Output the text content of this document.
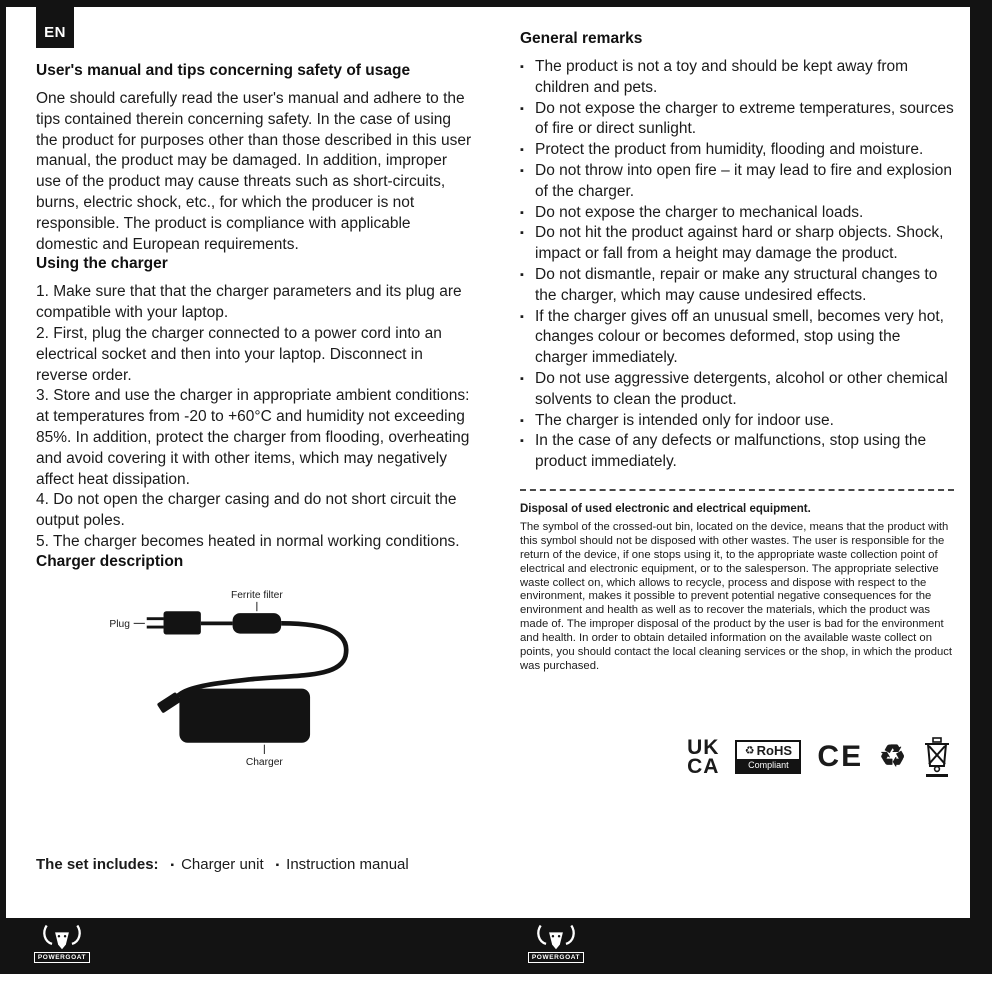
EN
User's manual and tips concerning safety of usage

One should carefully read the user's manual and adhere to the tips contained therein concerning safety. In the case of using the product for purposes other than those described in this user manual, the product may be damaged. In addition, improper use of the product may cause threats such as short-circuits, burns, electric shock, etc., for which the producer is not responsible. The product is compliance with applicable domestic and European requirements.

Using the charger

1. Make sure that that the charger parameters and its plug are compatible with your laptop.

2. First, plug the charger connected to a power cord into an electrical socket and then into your laptop. Disconnect in reverse order.

3. Store and use the charger in appropriate ambient conditions: at temperatures from -20 to +60°C and humidity not exceeding 85%. In addition, protect the charger from flooding, overheating and avoid covering it with other items, which may negatively affect heat dissipation.

4. Do not open the charger casing and do not short circuit the output poles.

5. The charger becomes heated in normal working conditions.

Charger description
Ferrite filter
Plug
Charger
The set includes: ▪ Charger unit ▪ Instruction manual
General remarks
▪ The product is not a toy and should be kept away from children and pets.
▪ Do not expose the charger to extreme temperatures, sources of fire or direct sunlight.
▪ Protect the product from humidity, flooding and moisture.
▪ Do not throw into open fire – it may lead to fire and explosion of the charger.
▪ Do not expose the charger to mechanical loads.
▪ Do not hit the product against hard or sharp objects. Shock, impact or fall from a height may damage the product.
▪ Do not dismantle, repair or make any structural changes to the charger, which may cause undesired effects.
▪ If the charger gives off an unusual smell, becomes very hot, changes colour or becomes deformed, stop using the charger immediately.
▪ Do not use aggressive detergents, alcohol or other chemical solvents to clean the product.
▪ The charger is intended only for indoor use.
▪ In the case of any defects or malfunctions, stop using the product immediately.
Disposal of used electronic and electrical equipment.

The symbol of the crossed-out bin, located on the device, means that the product with this symbol should not be disposed with other wastes. The user is responsible for the return of the device, if one stops using it, to the appropriate waste collection point of electrical and electronic equipment, or to the salesperson. The appropriate selective waste collect on, which allows to recycle, process and dispose with respect to the environment, makes it possible to prevent potential negative consequences for the environment and health as well as to recover the materials, which the product was made of. The improper disposal of the product by the user is bad for the environment and health. In order to obtain detailed information on the available waste collect on points, you should contact the local cleaning services or the shop, in which the product was purchased.

UK
CA
♻ RoHS
Compliant CE ♻
POWERGOAT	POWERGOAT
